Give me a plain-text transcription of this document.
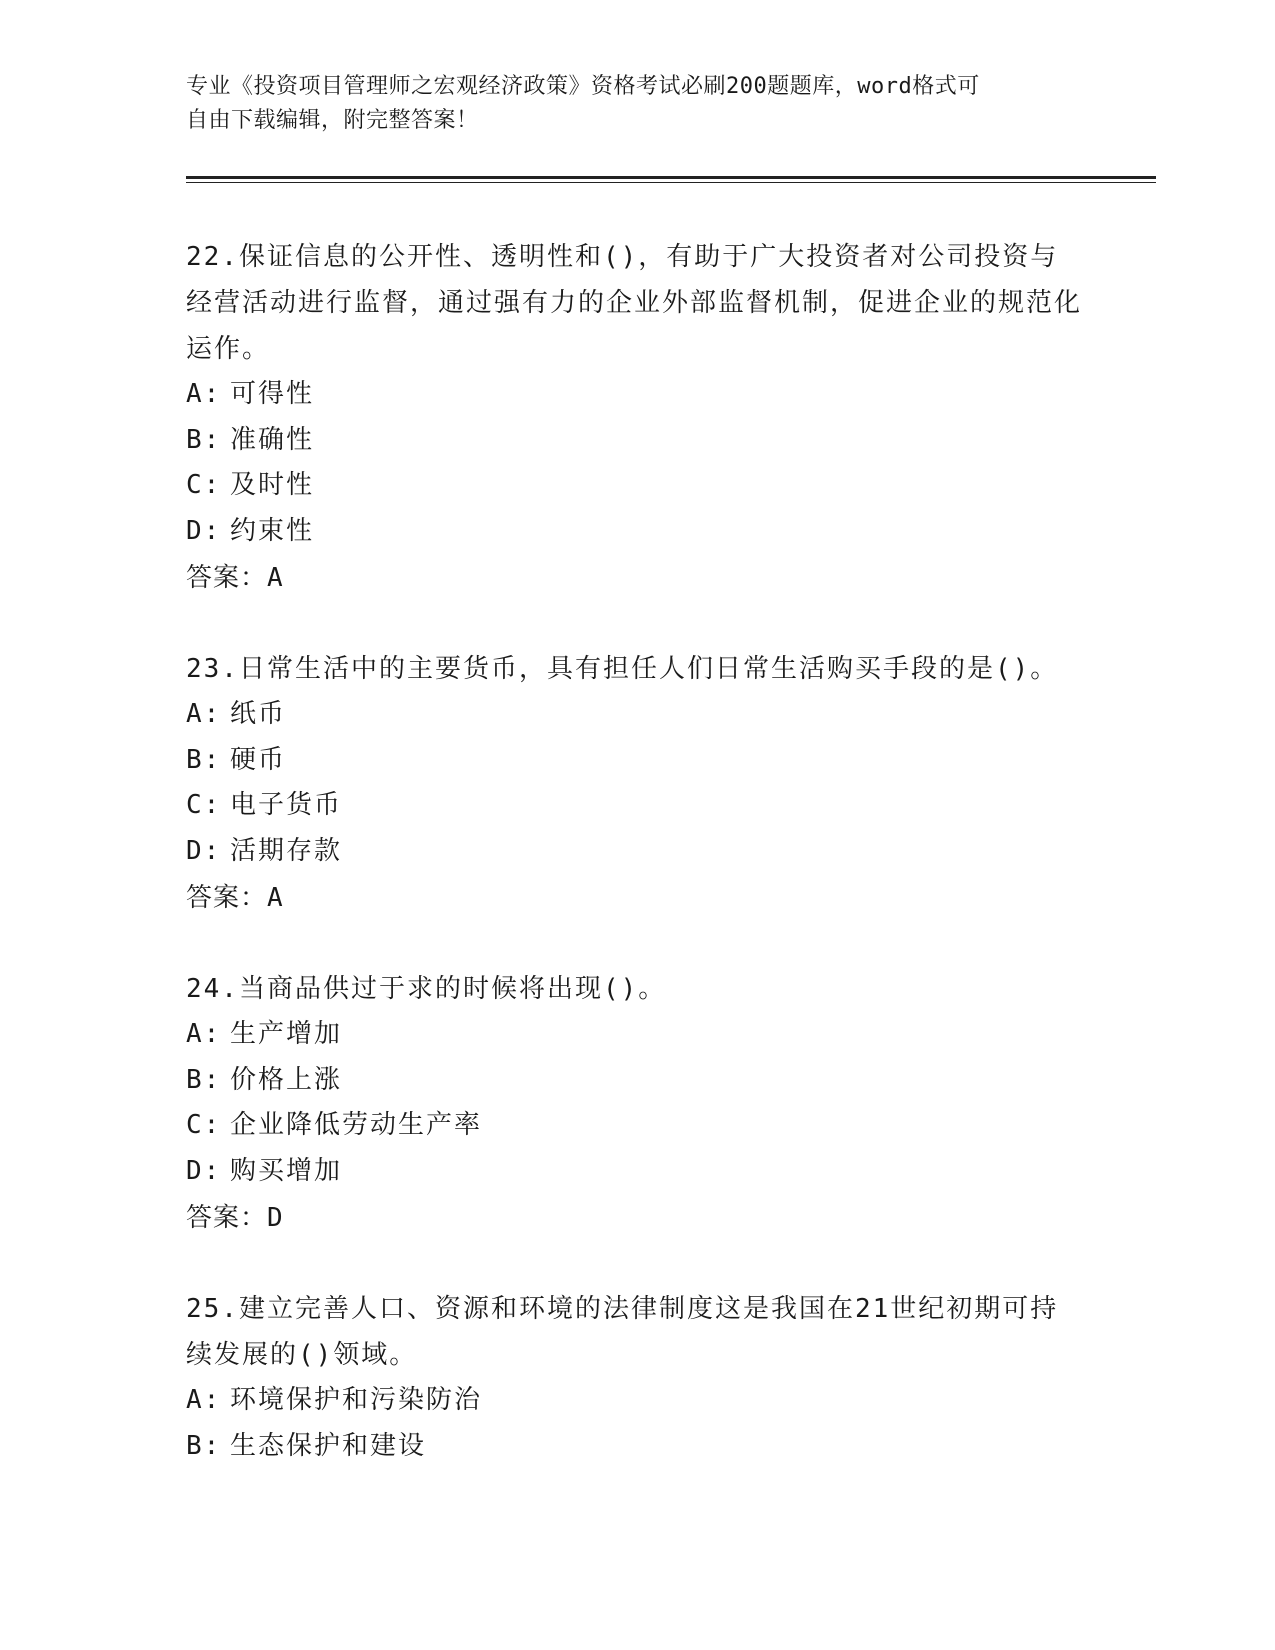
专业《投资项目管理师之宏观经济政策》资格考试必刷200题题库，word格式可
自由下载编辑，附完整答案！
22.保证信息的公开性、透明性和()，有助于广大投资者对公司投资与经营活动进行监督，通过强有力的企业外部监督机制，促进企业的规范化运作。
A: 可得性
B: 准确性
C: 及时性
D: 约束性
答案：A
23.日常生活中的主要货币，具有担任人们日常生活购买手段的是()。
A: 纸币
B: 硬币
C: 电子货币
D: 活期存款
答案：A
24.当商品供过于求的时候将出现()。
A: 生产增加
B: 价格上涨
C: 企业降低劳动生产率
D: 购买增加
答案：D
25.建立完善人口、资源和环境的法律制度这是我国在21世纪初期可持续发展的()领域。
A: 环境保护和污染防治
B: 生态保护和建设
